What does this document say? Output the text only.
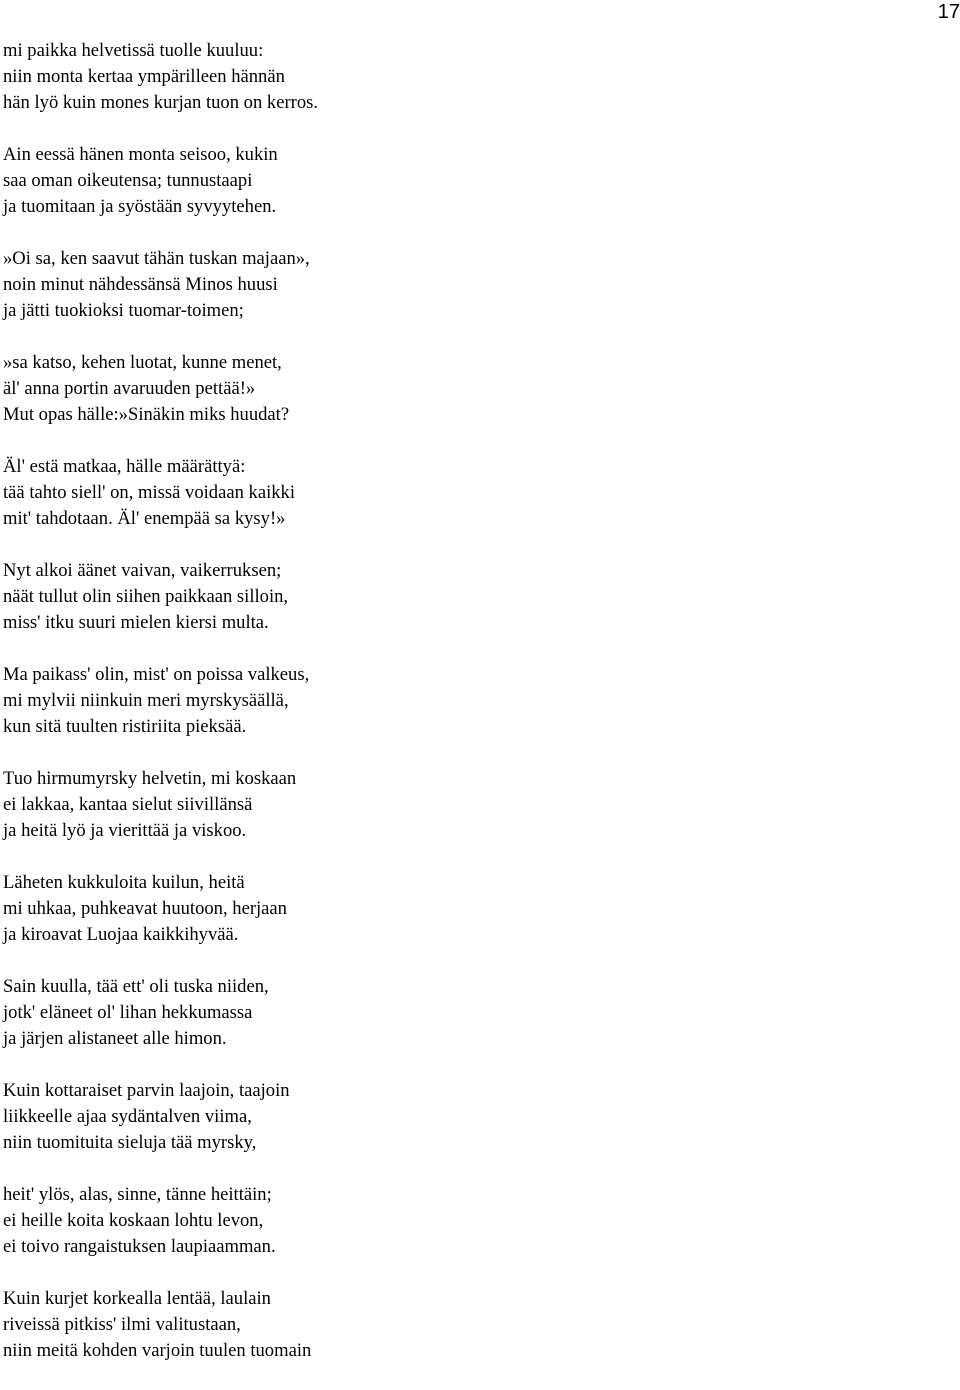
17
mi paikka helvetissä tuolle kuuluu:
niin monta kertaa ympärilleen hännän
hän lyö kuin mones kurjan tuon on kerros.
Ain eessä hänen monta seisoo, kukin
saa oman oikeutensa; tunnustaapi
ja tuomitaan ja syöstään syvyytehen.
»Oi sa, ken saavut tähän tuskan majaan»,
noin minut nähdessänsä Minos huusi
ja jätti tuokioksi tuomar-toimen;
»sa katso, kehen luotat, kunne menet,
äl' anna portin avaruuden pettää!»
Mut opas hälle:»Sinäkin miks huudat?
Äl' estä matkaa, hälle määrättyä:
tää tahto siell' on, missä voidaan kaikki
mit' tahdotaan. Äl' enempää sa kysy!»
Nyt alkoi äänet vaivan, vaikerruksen;
näät tullut olin siihen paikkaan silloin,
miss' itku suuri mielen kiersi multa.
Ma paikass' olin, mist' on poissa valkeus,
mi mylvii niinkuin meri myrskysäällä,
kun sitä tuulten ristiriita pieksää.
Tuo hirmumyrsky helvetin, mi koskaan
ei lakkaa, kantaa sielut siivillänsä
ja heitä lyö ja vierittää ja viskoo.
Läheten kukkuloita kuilun, heitä
mi uhkaa, puhkeavat huutoon, herjaan
ja kiroavat Luojaa kaikkihyvää.
Sain kuulla, tää ett' oli tuska niiden,
jotk' eläneet ol' lihan hekkumassa
ja järjen alistaneet alle himon.
Kuin kottaraiset parvin laajoin, taajoin
liikkeelle ajaa sydäntalven viima,
niin tuomituita sieluja tää myrsky,
heit' ylös, alas, sinne, tänne heittäin;
ei heille koita koskaan lohtu levon,
ei toivo rangaistuksen laupiaamman.
Kuin kurjet korkealla lentää, laulain
riveissä pitkiss' ilmi valitustaan,
niin meitä kohden varjoin tuulen tuomain
